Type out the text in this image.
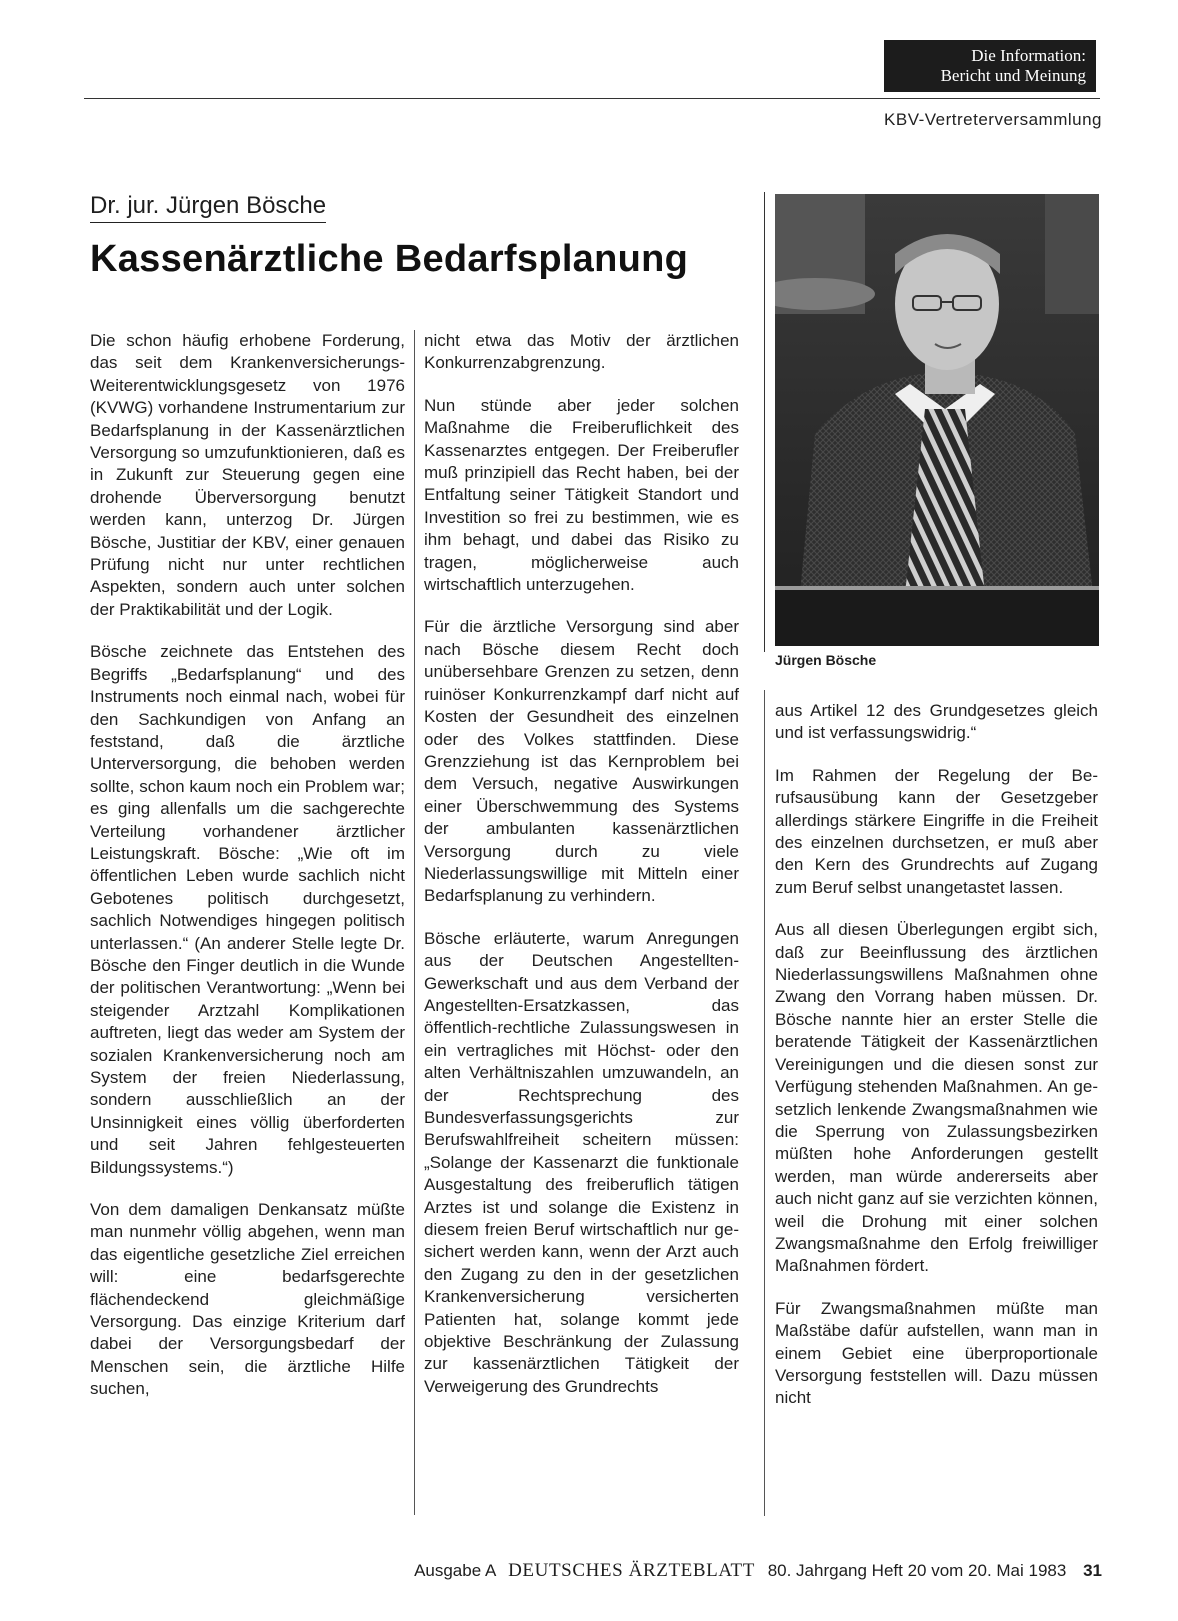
Die Information:
Bericht und Meinung
KBV-Vertreterversammlung
Dr. jur. Jürgen Bösche
Kassenärztliche Bedarfsplanung
Jürgen Bösche

Die schon häufig erhobene Forderung, das seit dem Krankenversicherungs-Weiterentwicklungsgesetz von 1976 (KVWG) vorhandene Instrumentarium zur Bedarfsplanung in der Kassenärztlichen Versorgung so umzufunktionieren, daß es in Zukunft zur Steuerung gegen eine drohende Überversorgung benutzt werden kann, unterzog Dr. Jürgen Bösche, Justitiar der KBV, einer genauen Prüfung nicht nur unter rechtlichen Aspekten, sondern auch unter solchen der Praktikabilität und der Logik.

Bösche zeichnete das Entstehen des Begriffs „Bedarfsplanung“ und des Instruments noch einmal nach, wobei für den Sachkundigen von Anfang an feststand, daß die ärztliche Unterversorgung, die behoben werden sollte, schon kaum noch ein Problem war; es ging allenfalls um die sachgerechte Verteilung vorhandener ärztlicher Leistungskraft. Bösche: „Wie oft im öffentlichen Leben wurde sachlich nicht Gebotenes politisch durchgesetzt, sachlich Notwendiges hingegen politisch unterlassen.“ (An anderer Stelle legte Dr. Bösche den Finger deutlich in die Wunde der politischen Verantwortung: „Wenn bei steigender Arztzahl Komplikationen auftreten, liegt das weder am System der sozialen Krankenversicherung noch am System der freien Niederlassung, sondern ausschließlich an der Unsinnigkeit eines völlig überforderten und seit Jahren fehlgesteuerten Bildungssystems.“)

Von dem damaligen Denkansatz müßte man nunmehr völlig abgehen, wenn man das eigentliche gesetzliche Ziel erreichen will: eine bedarfsgerechte flächendeckend gleichmäßige Versorgung. Das einzige Kriterium darf dabei der Versorgungsbedarf der Menschen sein, die ärztliche Hilfe suchen,

nicht etwa das Motiv der ärztlichen Konkurrenzabgrenzung.

Nun stünde aber jeder solchen Maßnahme die Freiberuflichkeit des Kassenarztes entgegen. Der Freiberufler muß prinzipiell das Recht haben, bei der Entfaltung seiner Tätigkeit Standort und Investition so frei zu bestimmen, wie es ihm behagt, und dabei das Risiko zu tragen, möglicherweise auch wirtschaftlich unterzugehen.

Für die ärztliche Versorgung sind aber nach Bösche diesem Recht doch unübersehbare Grenzen zu setzen, denn ruinöser Konkurrenzkampf darf nicht auf Kosten der Gesundheit des einzelnen oder des Volkes stattfinden. Diese Grenzziehung ist das Kernproblem bei dem Versuch, negative Auswirkungen einer Überschwemmung des Systems der ambulanten kassenärztlichen Versorgung durch zu viele Niederlassungswillige mit Mitteln einer Bedarfsplanung zu verhindern.

Bösche erläuterte, warum Anregungen aus der Deutschen Angestellten-Gewerkschaft und aus dem Verband der Angestellten-Ersatzkassen, das öffentlich-rechtliche Zulassungswesen in ein vertragliches mit Höchst- oder den alten Verhältniszahlen umzuwandeln, an der Rechtsprechung des Bundesverfassungsgerichts zur Berufswahlfreiheit scheitern müssen: „Solange der Kassenarzt die funktionale Ausgestaltung des freiberuflich tätigen Arztes ist und solange die Existenz in diesem freien Beruf wirtschaftlich nur gesichert werden kann, wenn der Arzt auch den Zugang zu den in der gesetzlichen Krankenversicherung versicherten Patienten hat, solange kommt jede objektive Beschränkung der Zulassung zur kassenärztlichen Tätigkeit der Verweigerung des Grundrechts

aus Artikel 12 des Grundgesetzes gleich und ist verfassungswidrig.“

Im Rahmen der Regelung der Berufsausübung kann der Gesetzgeber allerdings stärkere Eingriffe in die Freiheit des einzelnen durchsetzen, er muß aber den Kern des Grundrechts auf Zugang zum Beruf selbst unangetastet lassen.

Aus all diesen Überlegungen ergibt sich, daß zur Beeinflussung des ärztlichen Niederlassungswillens Maßnahmen ohne Zwang den Vorrang haben müssen. Dr. Bösche nannte hier an erster Stelle die beratende Tätigkeit der Kassenärztlichen Vereinigungen und die diesen sonst zur Verfügung stehenden Maßnahmen. An gesetzlich lenkende Zwangsmaßnahmen wie die Sperrung von Zulassungsbezirken müßten hohe Anforderungen gestellt werden, man würde andererseits aber auch nicht ganz auf sie verzichten können, weil die Drohung mit einer solchen Zwangsmaßnahme den Erfolg freiwilliger Maßnahmen fördert.

Für Zwangsmaßnahmen müßte man Maßstäbe dafür aufstellen, wann man in einem Gebiet eine überproportionale Versorgung feststellen will. Dazu müssen nicht

Ausgabe A DEUTSCHES ÄRZTEBLATT 80. Jahrgang Heft 20 vom 20. Mai 1983 31
